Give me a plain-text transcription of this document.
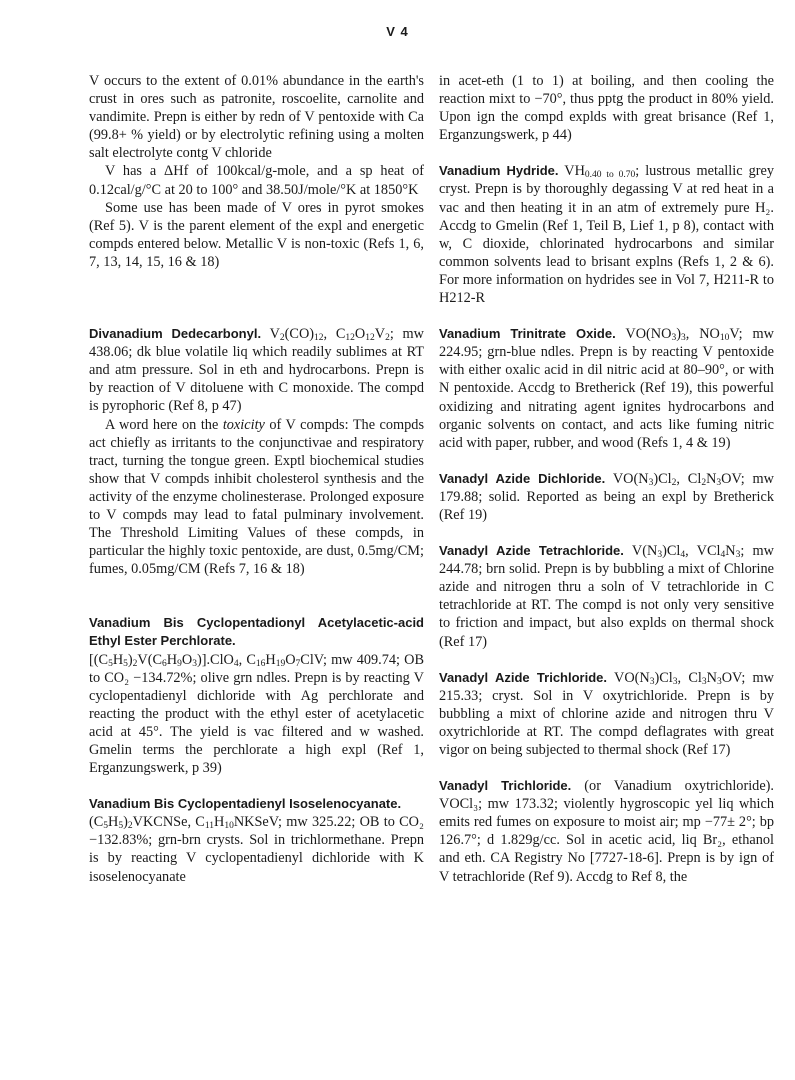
V 4

V occurs to the extent of 0.01% abundance in the earth's crust in ores such as patronite, roscoelite, carnolite and vandimite. Prepn is either by redn of V pentoxide with Ca (99.8+ % yield) or by electrolytic refining using a molten salt electrolyte contg V chloride

V has a ΔHf of 100kcal/g-mole, and a sp heat of 0.12cal/g/°C at 20 to 100° and 38.50J/mole/°K at 1850°K

Some use has been made of V ores in pyrot smokes (Ref 5). V is the parent element of the expl and energetic compds entered below. Metallic V is non-toxic (Refs 1, 6, 7, 13, 14, 15, 16 & 18)

Divanadium Dedecarbonyl. $V_2(CO)_{12}$, $C_{12}O_{12}V_2$; mw 438.06; dk blue volatile liq which readily sublimes at RT and atm pressure. Sol in eth and hydrocarbons. Prepn is by reaction of V ditoluene with C monoxide. The compd is pyrophoric (Ref 8, p 47)

A word here on the toxicity of V compds: The compds act chiefly as irritants to the conjunctivae and respiratory tract, turning the tongue green. Exptl biochemical studies show that V compds inhibit cholesterol synthesis and the activity of the enzyme cholinesterase. Prolonged exposure to V compds may lead to fatal pulminary involvement. The Threshold Limiting Values of these compds, in particular the highly toxic pentoxide, are dust, 0.5mg/CM; fumes, 0.05mg/CM (Refs 7, 16 & 18)

Vanadium Bis Cyclopentadionyl Acetylacetic-acid Ethyl Ester Perchlorate.
$[(C_5H_5)_2V(C_6H_9O_3)].ClO_4$, $C_{16}H_{19}O_7ClV$; mw 409.74; OB to CO₂ −134.72%; olive grn ndles. Prepn is by reacting V cyclopentadienyl dichloride with Ag perchlorate and reacting the product with the ethyl ester of acetylacetic acid at 45°. The yield is vac filtered and w washed. Gmelin terms the perchlorate a high expl (Ref 1, Erganzungswerk, p 39)

Vanadium Bis Cyclopentadienyl Isoselenocyanate.
$(C_5H_5)_2VKCNSe$, $C_{11}H_{10}NKSeV$; mw 325.22; OB to CO₂ −132.83%; grn-brn crysts. Sol in trichlormethane. Prepn is by reacting V cyclopentadienyl dichloride with K isoselenocyanate

in acet-eth (1 to 1) at boiling, and then cooling the reaction mixt to −70°, thus pptg the product in 80% yield. Upon ign the compd explds with great brisance (Ref 1, Erganzungswerk, p 44)

Vanadium Hydride. $VH_{0.40 to 0.70}$; lustrous metallic grey cryst. Prepn is by thoroughly degassing V at red heat in a vac and then heating it in an atm of extremely pure H₂. Accdg to Gmelin (Ref 1, Teil B, Lief 1, p 8), contact with w, C dioxide, chlorinated hydrocarbons and similar common solvents lead to brisant explns (Refs 1, 2 & 6). For more information on hydrides see in Vol 7, H211-R to H212-R

Vanadium Trinitrate Oxide. $VO(NO_3)_3$, $NO_{10}V$; mw 224.95; grn-blue ndles. Prepn is by reacting V pentoxide with either oxalic acid in dil nitric acid at 80–90°, or with N pentoxide. Accdg to Bretherick (Ref 19), this powerful oxidizing and nitrating agent ignites hydrocarbons and organic solvents on contact, and acts like fuming nitric acid with paper, rubber, and wood (Refs 1, 4 & 19)

Vanadyl Azide Dichloride. $VO(N_3)Cl_2$, $Cl_2N_3OV$; mw 179.88; solid. Reported as being an expl by Bretherick (Ref 19)

Vanadyl Azide Tetrachloride. $V(N_3)Cl_4$, $VCl_4N_3$; mw 244.78; brn solid. Prepn is by bubbling a mixt of Chlorine azide and nitrogen thru a soln of V tetrachloride in C tetrachloride at RT. The compd is not only very sensitive to friction and impact, but also explds on thermal shock (Ref 17)

Vanadyl Azide Trichloride. $VO(N_3)Cl_3$, $Cl_3N_3OV$; mw 215.33; cryst. Sol in V oxytrichloride. Prepn is by bubbling a mixt of chlorine azide and nitrogen thru V oxytrichloride at RT. The compd deflagrates with great vigor on being subjected to thermal shock (Ref 17)

Vanadyl Trichloride. (or Vanadium oxytrichloride). VOCl₃; mw 173.32; violently hygroscopic yel liq which emits red fumes on exposure to moist air; mp −77± 2°; bp 126.7°; d 1.829g/cc. Sol in acetic acid, liq Br₂, ethanol and eth. CA Registry No [7727-18-6]. Prepn is by ign of V tetrachloride (Ref 9). Accdg to Ref 8, the
